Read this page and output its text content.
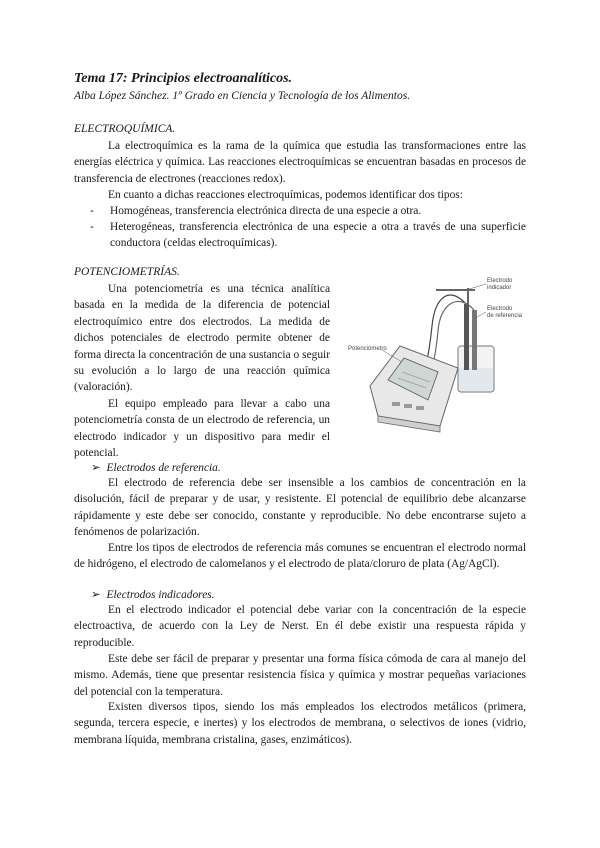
Tema 17: Principios electroanalíticos.
Alba López Sánchez. 1º Grado en Ciencia y Tecnología de los Alimentos.
ELECTROQUÍMICA.
La electroquímica es la rama de la química que estudia las transformaciones entre las energías eléctrica y química. Las reacciones electroquímicas se encuentran basadas en procesos de transferencia de electrones (reacciones redox).
En cuanto a dichas reacciones electroquímicas, podemos identificar dos tipos:
- Homogéneas, transferencia electrónica directa de una especie a otra.
- Heterogéneas, transferencia electrónica de una especie a otra a través de una superficie conductora (celdas electroquímicas).
POTENCIOMETRÍAS.
Una potenciometría es una técnica analítica basada en la medida de la diferencia de potencial electroquímico entre dos electrodos. La medida de dichos potenciales de electrodo permite obtener de forma directa la concentración de una sustancia o seguir su evolución a lo largo de una reacción química (valoración).
El equipo empleado para llevar a cabo una potenciometría consta de un electrodo de referencia, un electrodo indicador y un dispositivo para medir el potencial.
Potenciómetro
Electrodo
indicador
Electrodo
de referencia
➢ Electrodos de referencia.
El electrodo de referencia debe ser insensible a los cambios de concentración en la disolución, fácil de preparar y de usar, y resistente. El potencial de equilibrio debe alcanzarse rápidamente y este debe ser conocido, constante y reproducible. No debe encontrarse sujeto a fenómenos de polarización.
Entre los tipos de electrodos de referencia más comunes se encuentran el electrodo normal de hidrógeno, el electrodo de calomelanos y el electrodo de plata/cloruro de plata (Ag/AgCl).
➢ Electrodos indicadores.
En el electrodo indicador el potencial debe variar con la concentración de la especie electroactiva, de acuerdo con la Ley de Nerst. En él debe existir una respuesta rápida y reproducible.
Este debe ser fácil de preparar y presentar una forma física cómoda de cara al manejo del mismo. Además, tiene que presentar resistencia física y química y mostrar pequeñas variaciones del potencial con la temperatura.
Existen diversos tipos, siendo los más empleados los electrodos metálicos (primera, segunda, tercera especie, e inertes) y los electrodos de membrana, o selectivos de iones (vidrio, membrana líquida, membrana cristalina, gases, enzimáticos).
